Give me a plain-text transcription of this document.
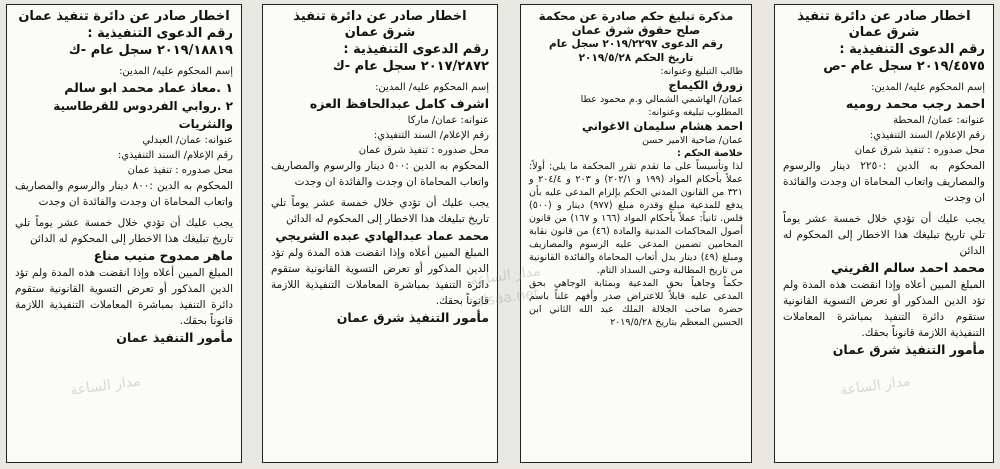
اخطار صادر عن دائرة تنفيذ
شرق عمان
رقم الدعوى التنفيذية :
٢٠١٩/٤٥٧٥ سجل عام -ص
إسم المحكوم عليه/ المدين:
احمد رجب محمد روميه
عنوانه: عمان/ المحطة
رقم الإعلام/ السند التنفيذي:
محل صدوره : تنفيذ شرق عمان
المحكوم به الدين :٢٢٥٠ دينار والرسوم والمصاريف واتعاب المحاماة ان وجدت والفائدة ان وجدت
يجب عليك أن تؤدي خلال خمسة عشر يوماً تلي تاريخ تبليغك هذا الاخطار إلى المحكوم له الدائن
محمد احمد سالم القريني
المبلغ المبين أعلاه وإذا انقضت هذه المدة ولم تؤد الدين المذكور أو تعرض التسوية القانونية ستقوم دائرة التنفيذ بمباشرة المعاملات التنفيذية اللازمة قانوناً بحقك.
مأمور التنفيذ شرق عمان
مذكرة تبليغ حكم صادرة عن محكمة
صلح حقوق شرق عمان
رقم الدعوى ٢٠١٩/٢٢٩٧ سجل عام
تاريخ الحكم ٢٠١٩/٥/٢٨
طالب التبليغ وعنوانه:
زورق الكيماج
عمان/ الهاشمي الشمالي و.م محمود عطا
المطلوب تبليغه وعنوانه:
احمد هشام سليمان الاغواني
عمان/ ضاحية الامير حسن
خلاصة الحكم :
لذا وتأسيساً على ما تقدم تقرر المحكمة ما يلي: أولاً: عملاً بأحكام المواد (١٩٩ و ٢٠٢/١) و ٢٠٣ و ٢٠٤/٤ و ٣٢١ من القانون المدني الحكم بإلزام المدعى عليه بأن يدفع للمدعية مبلغ وقدره مبلغ (٩٧٧) دينار و (٥٠٠) فلس. ثانياً: عملاً بأحكام المواد (١٦٦ و ١٦٧) من قانون أصول المحاكمات المدنية والمادة (٤٦) من قانون نقابة المحامين تضمين المدعى عليه الرسوم والمصاريف ومبلغ (٤٩) دينار بدل أتعاب المحاماة والفائدة القانونية من تاريخ المطالبة وحتى السداد التام.
حكماً وجاهياً بحق المدعية وبمثابة الوجاهي بحق المدعى عليه قابلاً للاعتراض صدر وأفهم علناً باسم حضرة صاحب الجلالة الملك عبد الله الثاني ابن الحسين المعظم بتاريخ ٢٠١٩/٥/٢٨
اخطار صادر عن دائرة تنفيذ
شرق عمان
رقم الدعوى التنفيذية :
٢٠١٧/٢٨٧٢ سجل عام -ك
إسم المحكوم عليه/ المدين:
اشرف كامل عبدالحافظ العزه
عنوانه: عمان/ ماركا
رقم الإعلام/ السند التنفيذي:
محل صدوره : تنفيذ شرق عمان
المحكوم به الدين :٥٠٠ دينار والرسوم والمصاريف واتعاب المحاماة ان وجدت والفائدة ان وجدت
يجب عليك أن تؤدي خلال خمسة عشر يوماً تلي تاريخ تبليغك هذا الاخطار إلى المحكوم له الدائن
محمد عماد عبدالهادي عبده الشريجي
المبلغ المبين أعلاه وإذا انقضت هذه المدة ولم تؤد الدين المذكور أو تعرض التسوية القانونية ستقوم دائرة التنفيذ بمباشرة المعاملات التنفيذية اللازمة قانوناً بحقك.
مأمور التنفيذ شرق عمان
اخطار صادر عن دائرة تنفيذ عمان
رقم الدعوى التنفيذية :
٢٠١٩/١٨٨١٩ سجل عام -ك
إسم المحكوم عليه/ المدين:
١ .معاذ عماد محمد ابو سالم
٢ .روابي الفردوس للقرطاسية والنثريات
عنوانه: عمان/ العبدلي
رقم الإعلام/ السند التنفيذي:
محل صدوره : تنفيذ عمان
المحكوم به الدين :٨٠٠ دينار والرسوم والمصاريف واتعاب المحاماة ان وجدت والفائدة ان وجدت
يجب عليك أن تؤدي خلال خمسة عشر يوماً تلي تاريخ تبليغك هذا الاخطار إلى المحكوم له الدائن
ماهر ممدوح منيب مناع
المبلغ المبين أعلاه وإذا انقضت هذه المدة ولم تؤد الدين المذكور أو تعرض التسوية القانونية ستقوم دائرة التنفيذ بمباشرة المعاملات التنفيذية اللازمة قانوناً بحقك.
مأمور التنفيذ عمان
مدار الساعة
alsaa.net
مدار الساعة
مدار الساعة
